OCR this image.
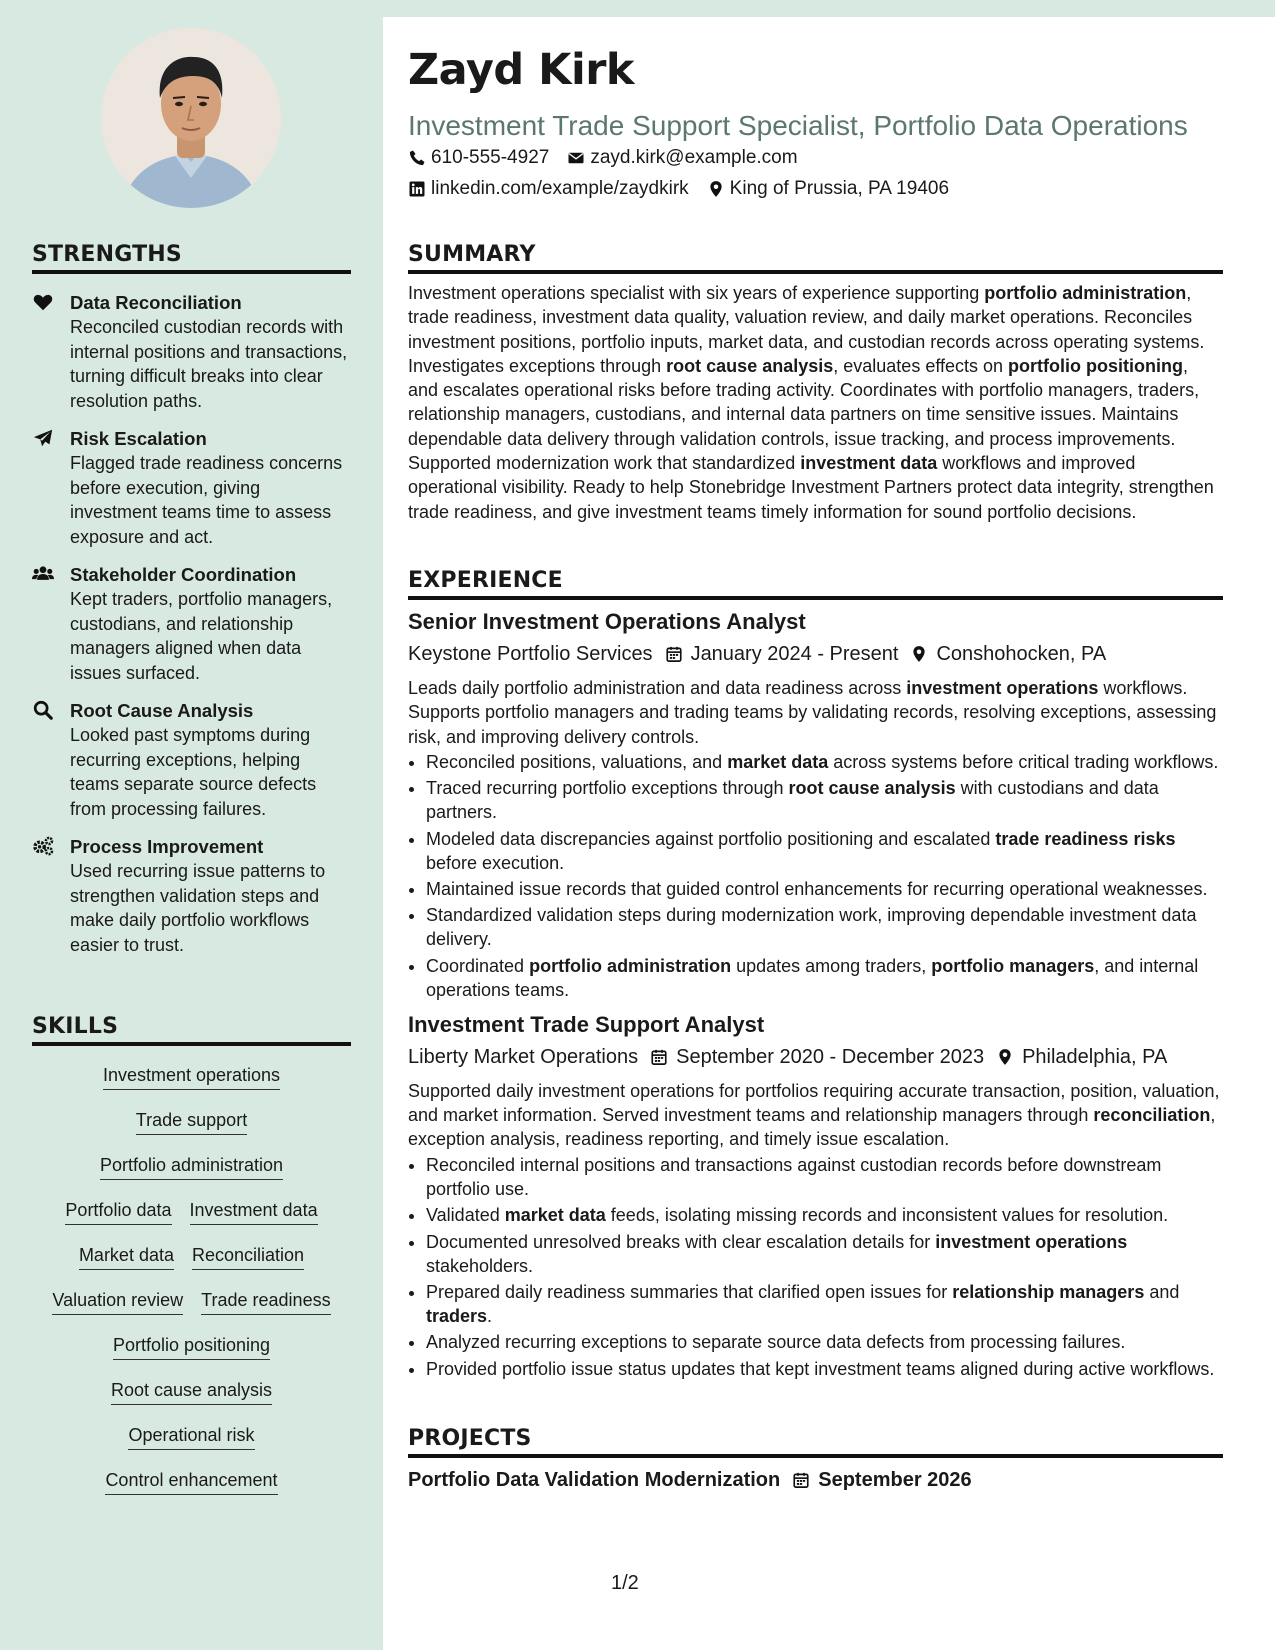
STRENGTHS
Data Reconciliation
Reconciled custodian records with internal positions and transactions, turning difficult breaks into clear resolution paths.
Risk Escalation
Flagged trade readiness concerns before execution, giving investment teams time to assess exposure and act.
Stakeholder Coordination
Kept traders, portfolio managers, custodians, and relationship managers aligned when data issues surfaced.
Root Cause Analysis
Looked past symptoms during recurring exceptions, helping teams separate source defects from processing failures.
Process Improvement
Used recurring issue patterns to strengthen validation steps and make daily portfolio workflows easier to trust.
SKILLS
Investment operations
Trade support
Portfolio administration
Portfolio data Investment data
Market data Reconciliation
Valuation review Trade readiness
Portfolio positioning
Root cause analysis
Operational risk
Control enhancement
Zayd Kirk
Investment Trade Support Specialist, Portfolio Data Operations
610-555-4927 zayd.kirk@example.com
linkedin.com/example/zaydkirk King of Prussia, PA 19406
SUMMARY

Investment operations specialist with six years of experience supporting portfolio administration, trade readiness, investment data quality, valuation review, and daily market operations. Reconciles investment positions, portfolio inputs, market data, and custodian records across operating systems. Investigates exceptions through root cause analysis, evaluates effects on portfolio positioning, and escalates operational risks before trading activity. Coordinates with portfolio managers, traders, relationship managers, custodians, and internal data partners on time sensitive issues. Maintains dependable data delivery through validation controls, issue tracking, and process improvements. Supported modernization work that standardized investment data workflows and improved operational visibility. Ready to help Stonebridge Investment Partners protect data integrity, strengthen trade readiness, and give investment teams timely information for sound portfolio decisions.

EXPERIENCE
Senior Investment Operations Analyst
Keystone Portfolio Services January 2024 - Present Conshohocken, PA

Leads daily portfolio administration and data readiness across investment operations workflows. Supports portfolio managers and trading teams by validating records, resolving exceptions, assessing risk, and improving delivery controls.

• Reconciled positions, valuations, and market data across systems before critical trading workflows.
• Traced recurring portfolio exceptions through root cause analysis with custodians and data partners.
• Modeled data discrepancies against portfolio positioning and escalated trade readiness risks before execution.
• Maintained issue records that guided control enhancements for recurring operational weaknesses.
• Standardized validation steps during modernization work, improving dependable investment data delivery.
• Coordinated portfolio administration updates among traders, portfolio managers, and internal operations teams.
Investment Trade Support Analyst
Liberty Market Operations September 2020 - December 2023 Philadelphia, PA

Supported daily investment operations for portfolios requiring accurate transaction, position, valuation, and market information. Served investment teams and relationship managers through reconciliation, exception analysis, readiness reporting, and timely issue escalation.

• Reconciled internal positions and transactions against custodian records before downstream portfolio use.
• Validated market data feeds, isolating missing records and inconsistent values for resolution.
• Documented unresolved breaks with clear escalation details for investment operations stakeholders.
• Prepared daily readiness summaries that clarified open issues for relationship managers and traders.
• Analyzed recurring exceptions to separate source data defects from processing failures.
• Provided portfolio issue status updates that kept investment teams aligned during active workflows.
PROJECTS
Portfolio Data Validation Modernization September 2026
1/2
